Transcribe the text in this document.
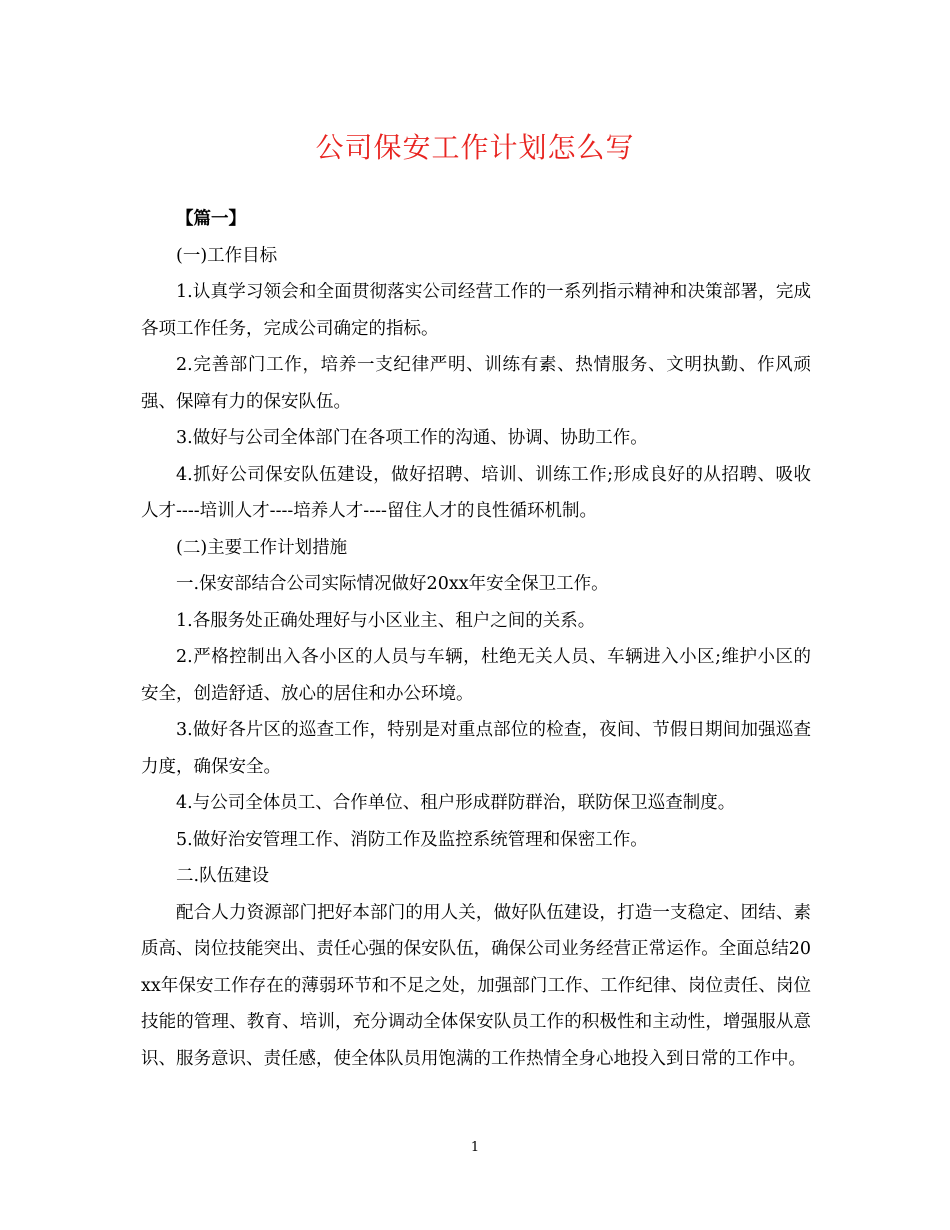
公司保安工作计划怎么写

【篇一】

(一)工作目标

1.认真学习领会和全面贯彻落实公司经营工作的一系列指示精神和决策部署，完成各项工作任务，完成公司确定的指标。

2.完善部门工作，培养一支纪律严明、训练有素、热情服务、文明执勤、作风顽强、保障有力的保安队伍。

3.做好与公司全体部门在各项工作的沟通、协调、协助工作。

4.抓好公司保安队伍建设，做好招聘、培训、训练工作;形成良好的从招聘、吸收人才----培训人才----培养人才----留住人才的良性循环机制。

(二)主要工作计划措施

一.保安部结合公司实际情况做好20xx年安全保卫工作。

1.各服务处正确处理好与小区业主、租户之间的关系。

2.严格控制出入各小区的人员与车辆，杜绝无关人员、车辆进入小区;维护小区的安全，创造舒适、放心的居住和办公环境。

3.做好各片区的巡查工作，特别是对重点部位的检查，夜间、节假日期间加强巡查力度，确保安全。

4.与公司全体员工、合作单位、租户形成群防群治，联防保卫巡查制度。

5.做好治安管理工作、消防工作及监控系统管理和保密工作。

二.队伍建设

配合人力资源部门把好本部门的用人关，做好队伍建设，打造一支稳定、团结、素质高、岗位技能突出、责任心强的保安队伍，确保公司业务经营正常运作。全面总结20xx年保安工作存在的薄弱环节和不足之处，加强部门工作、工作纪律、岗位责任、岗位技能的管理、教育、培训，充分调动全体保安队员工作的积极性和主动性，增强服从意识、服务意识、责任感，使全体队员用饱满的工作热情全身心地投入到日常的工作中。

1
